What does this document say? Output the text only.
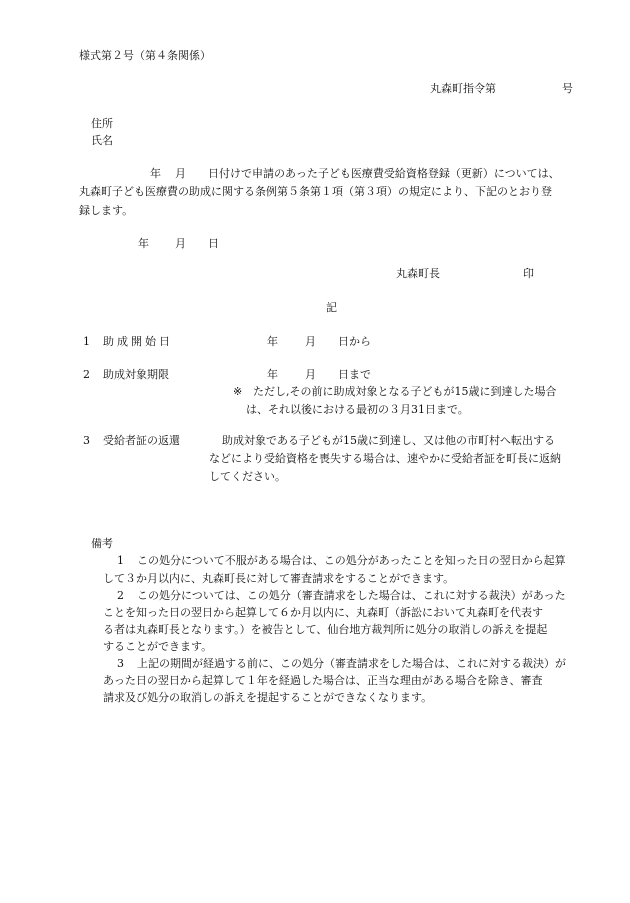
様式第２号（第４条関係）
丸森町指令第	号
住所
氏名
年 月 日付けで申請のあった子ども医療費受給資格登録（更新）については、
丸森町子ども医療費の助成に関する条例第５条第１項（第３項）の規定により、下記のとおり登
録します。
年 月 日
丸森町長	印
記
1 助成開始日	年 月 日から
2 助成対象期限	年 月 日まで
※ ただし,その前に助成対象となる子どもが15歳に到達した場合
は、それ以後における最初の３月31日まで。
3 受給者証の返還	助成対象である子どもが15歳に到達し、又は他の市町村へ転出する
などにより受給資格を喪失する場合は、速やかに受給者証を町長に返納
してください。
備考
1 この処分について不服がある場合は、この処分があったことを知った日の翌日から起算
して３か月以内に、丸森町長に対して審査請求をすることができます。
2 この処分については、この処分（審査請求をした場合は、これに対する裁決）があった
ことを知った日の翌日から起算して６か月以内に、丸森町（訴訟において丸森町を代表す
る者は丸森町長となります。）を被告として、仙台地方裁判所に処分の取消しの訴えを提起
することができます。
3 上記の期間が経過する前に、この処分（審査請求をした場合は、これに対する裁決）が
あった日の翌日から起算して１年を経過した場合は、正当な理由がある場合を除き、審査
請求及び処分の取消しの訴えを提起することができなくなります。
